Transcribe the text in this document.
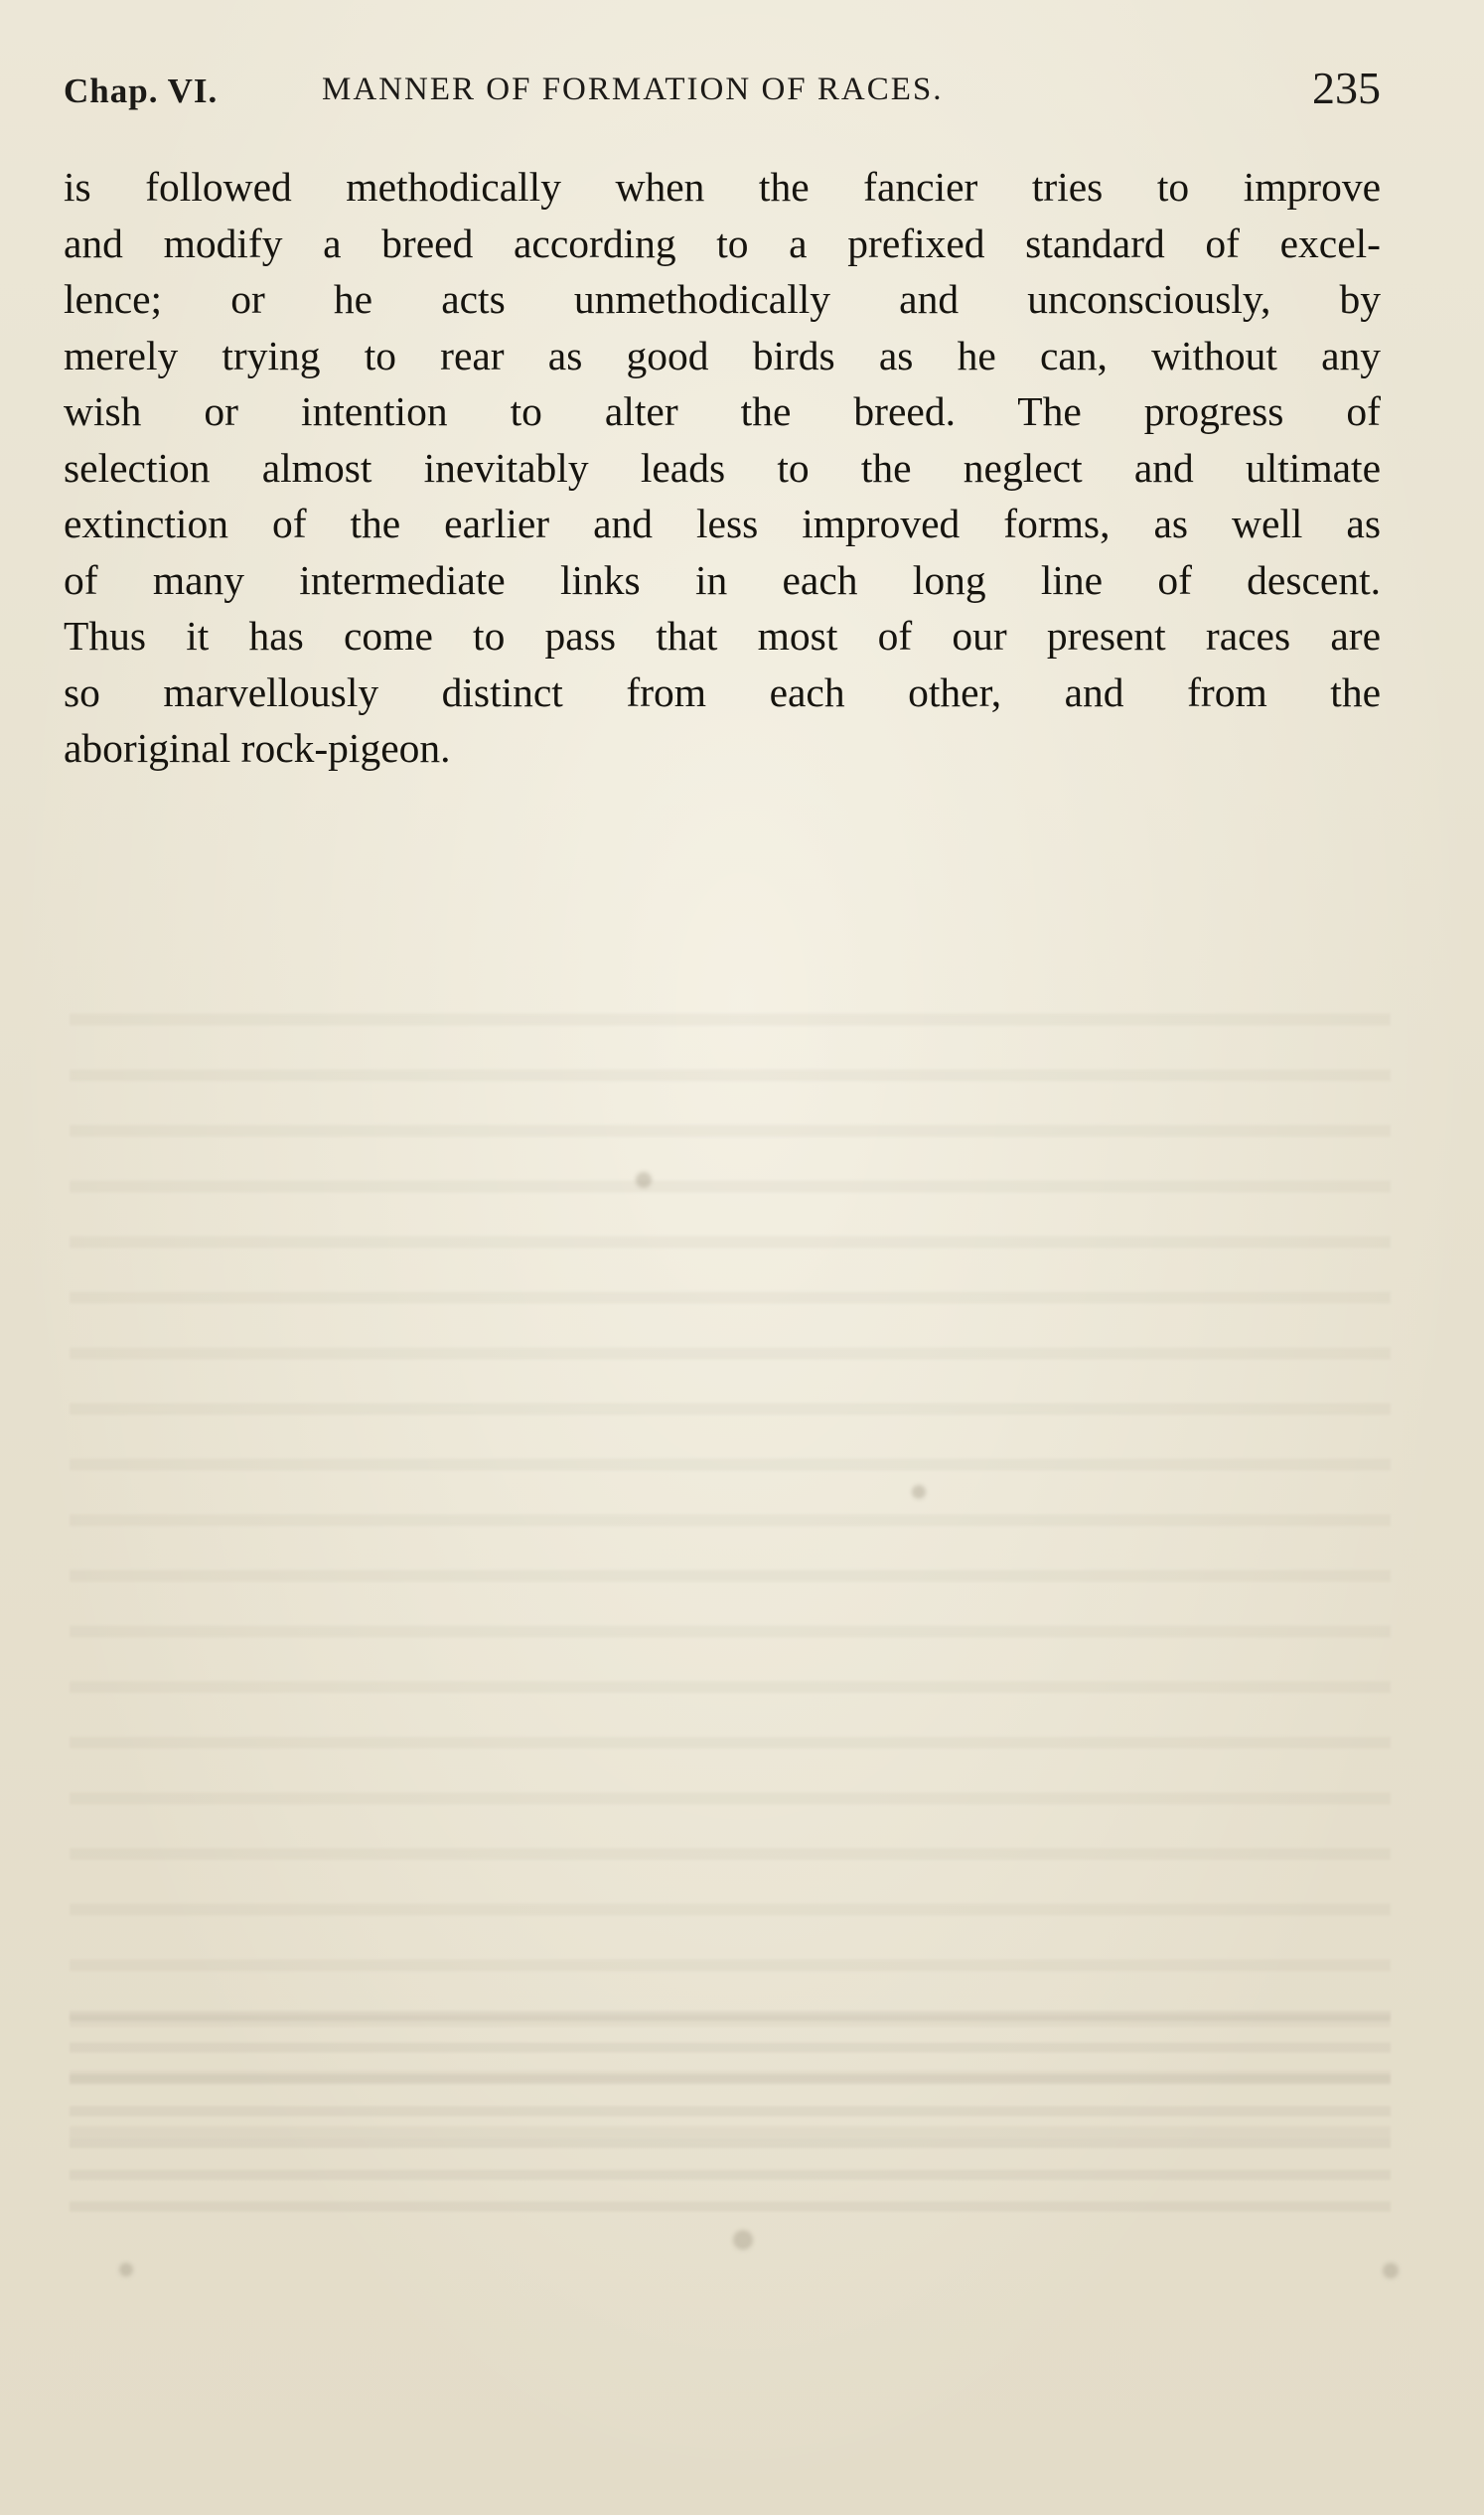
Chap. VI.	MANNER OF FORMATION OF RACES.	235
is followed methodically when the fancier tries to improve
and modify a breed according to a prefixed standard of excel-
lence; or he acts unmethodically and unconsciously, by
merely trying to rear as good birds as he can, without any
wish or intention to alter the breed. The progress of
selection almost inevitably leads to the neglect and ultimate
extinction of the earlier and less improved forms, as well as
of many intermediate links in each long line of descent.
Thus it has come to pass that most of our present races are
so marvellously distinct from each other, and from the
aboriginal rock-pigeon.
